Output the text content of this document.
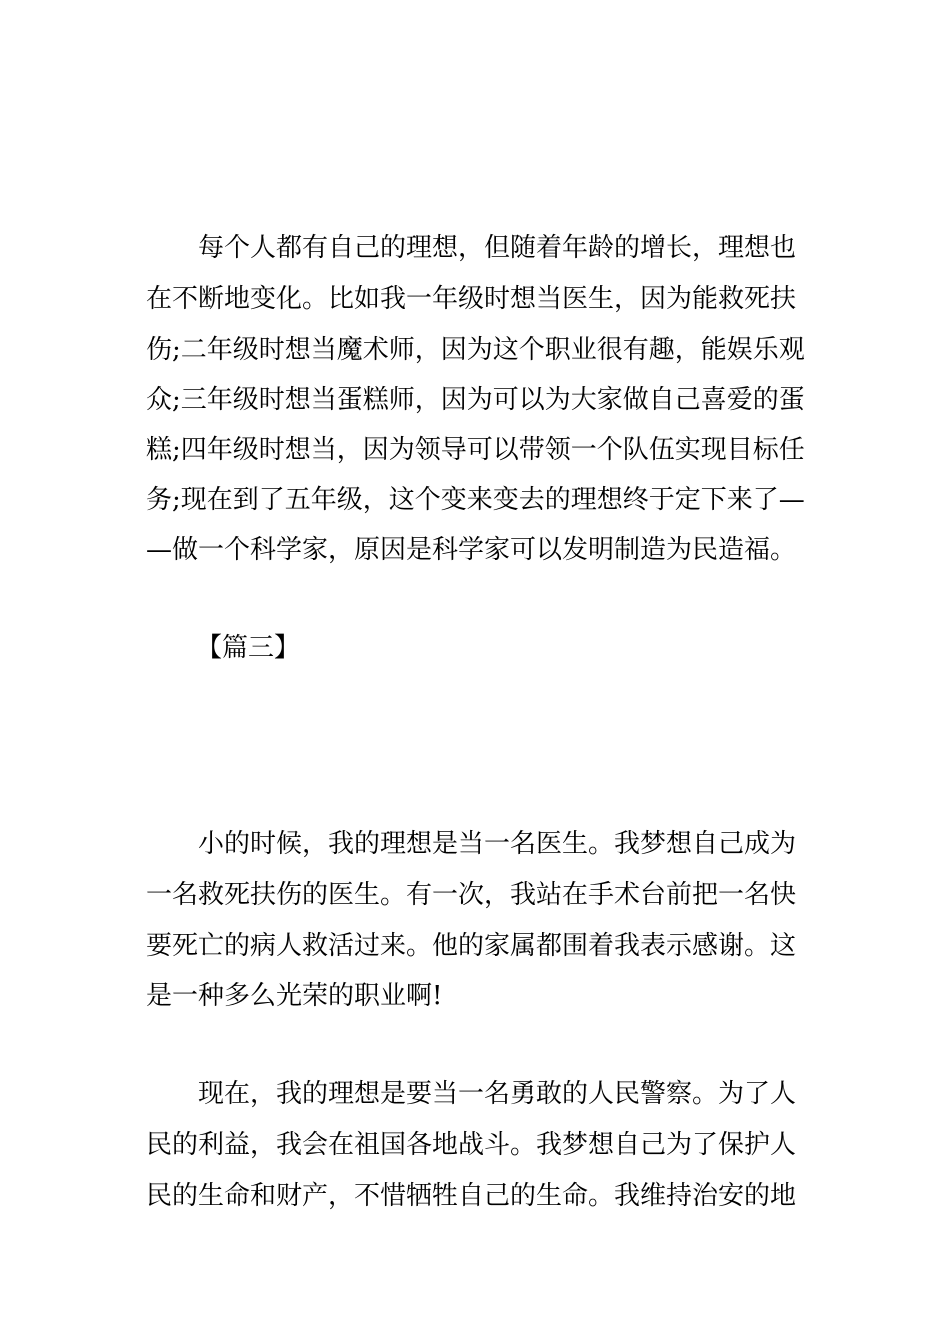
每个人都有自己的理想，但随着年龄的增长，理想也
在不断地变化。比如我一年级时想当医生，因为能救死扶
伤;二年级时想当魔术师，因为这个职业很有趣，能娱乐观
众;三年级时想当蛋糕师，因为可以为大家做自己喜爱的蛋
糕;四年级时想当，因为领导可以带领一个队伍实现目标任
务;现在到了五年级，这个变来变去的理想终于定下来了—
—做一个科学家，原因是科学家可以发明制造为民造福。
【篇三】
小的时候，我的理想是当一名医生。我梦想自己成为
一名救死扶伤的医生。有一次，我站在手术台前把一名快
要死亡的病人救活过来。他的家属都围着我表示感谢。这
是一种多么光荣的职业啊!
现在，我的理想是要当一名勇敢的人民警察。为了人
民的利益，我会在祖国各地战斗。我梦想自己为了保护人
民的生命和财产，不惜牺牲自己的生命。我维持治安的地
